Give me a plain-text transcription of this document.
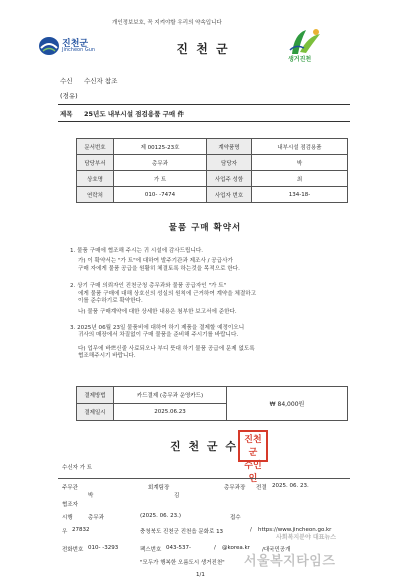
개인정보보호, 꼭 지켜야할 우리의 약속입니다
진천군
Jincheon Gun	진 천 군
생거진천
수신 수신자 참조
(경유)
제목 25년도 내부시설 점검용품 구매 件
문서번호	제 00125-23호	계약품명	내부시설 점검용품
담당부서	총무과	담당자	박
상호명	가 트	사업주 성함	최
연락처	010- -7474	사업자 번호	134-18-
물품 구매 확약서
1. 물품 구매에 협조해 주시는 귀 시설에 감사드립니다.
가) 이 확약서는 "가 트"에 대하여 발주기관과 제조사 / 공급사가
구매 자에게 물품 공급을 원활히 체결토록 하는것을 목적으로 한다.
2. 상기 구매 의뢰자인 진천군청 총무과와 물품 공급자인 "가 트"
에게 물품 구매에 대해 상호신의 성실의 원칙에 근거하여 계약을 체결하고
이를 준수하기로 확약한다.
나) 물품 구매계약에 대한 상세한 내용은 첨부한 보고서에 준한다.
3. 2025년 06월 23일 물품비에 대하여 하기 제품을 결제할 예정이오니
귀사의 매장에서 차질없이 구매 물품을 준비해 주시기를 바랍니다.
다) 업무에 바쁘신줄 사료되오나 부디 뜻대 하기 물품 공급에 문제 없도록
협조해주시기 바랍니다.
결제방법	카드결제 (총무과 운영카드)	₩ 84,000원
결제일시	2025.06.23	
진 천 군 수 진천군
수인인
수신자 가 트
주무관
박
회계팀장
김
총무과장 전결 2025. 06. 23.
협조자
시행	총무과	(2025. 06. 23.)	접수
우 27832	충청북도 진천군 진천읍 문화로 13	/ https://www.jincheon.go.kr
전화번호 010- -3293	팩스번호 043-537-	/ @korea.kr /대국민공개
"모두가 행복한 오름도시 생거진천"
1/1
사회복지분야 대표뉴스
서울복지타임즈
